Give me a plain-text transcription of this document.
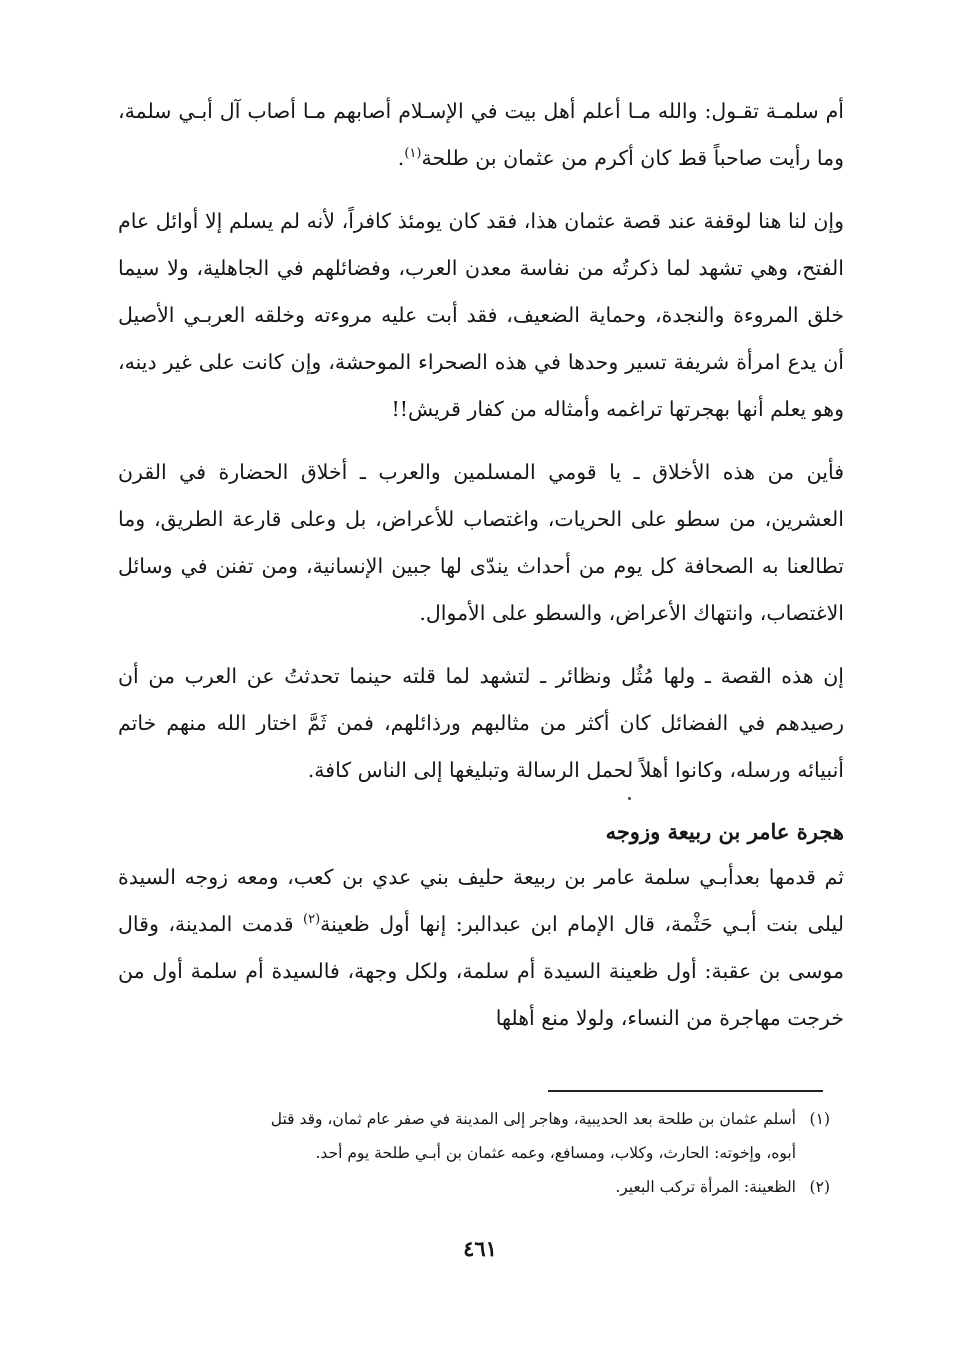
أم سلمـة تقـول: والله مـا أعلم أهل بيت في الإسـلام أصابهم مـا أصاب آل أبـي سلمة، وما رأيت صاحباً قط كان أكرم من عثمان بن طلحة$^{(١)}$.

وإن لنا هنا لوقفة عند قصة عثمان هذا، فقد كان يومئذ كافراً، لأنه لم يسلم إلا أوائل عام الفتح، وهي تشهد لما ذكرتُه من نفاسة معدن العرب، وفضائلهم في الجاهلية، ولا سيما خلق المروءة والنجدة، وحماية الضعيف، فقد أبت عليه مروءته وخلقه العربـي الأصيل أن يدع امرأة شريفة تسير وحدها في هذه الصحراء الموحشة، وإن كانت على غير دينه، وهو يعلم أنها بهجرتها تراغمه وأمثاله من كفار قريش!!

فأين من هذه الأخلاق ـ يا قومي المسلمين والعرب ـ أخلاق الحضارة في القرن العشرين، من سطو على الحريات، واغتصاب للأعراض، بل وعلى قارعة الطريق، وما تطالعنا به الصحافة كل يوم من أحداث يندّى لها جبين الإنسانية، ومن تفنن في وسائل الاغتصاب، وانتهاك الأعراض، والسطو على الأموال.

إن هذه القصة ـ ولها مُثُل ونظائر ـ لتشهد لما قلته حينما تحدثتُ عن العرب من أن رصيدهم في الفضائل كان أكثر من مثالبهم ورذائلهم، فمن ثَمَّ اختار الله منهم خاتم أنبيائه ورسله، وكانوا أهلاً لحمل الرسالة وتبليغها إلى الناس كافة.

هجرة عامر بن ربيعة وزوجه

ثم قدمها بعدأبـي سلمة عامر بن ربيعة حليف بني عدي بن كعب، ومعه زوجه السيدة ليلى بنت أبـي حَثْمة، قال الإمام ابن عبدالبر: إنها أول ظعينة$^{(٢)}$ قدمت المدينة، وقال موسى بن عقبة: أول ظعينة السيدة أم سلمة، ولكل وجهة، فالسيدة أم سلمة أول من خرجت مهاجرة من النساء، ولولا منع أهلها

(١)أسلم عثمان بن طلحة بعد الحديبية، وهاجر إلى المدينة في صفر عام ثمان، وقد قتل

أبوه، وإخوته: الحارث، وكلاب، ومسافع، وعمه عثمان بن أبـي طلحة يوم أحد.

(٢)الظعينة: المرأة تركب البعير.

٤٦١
